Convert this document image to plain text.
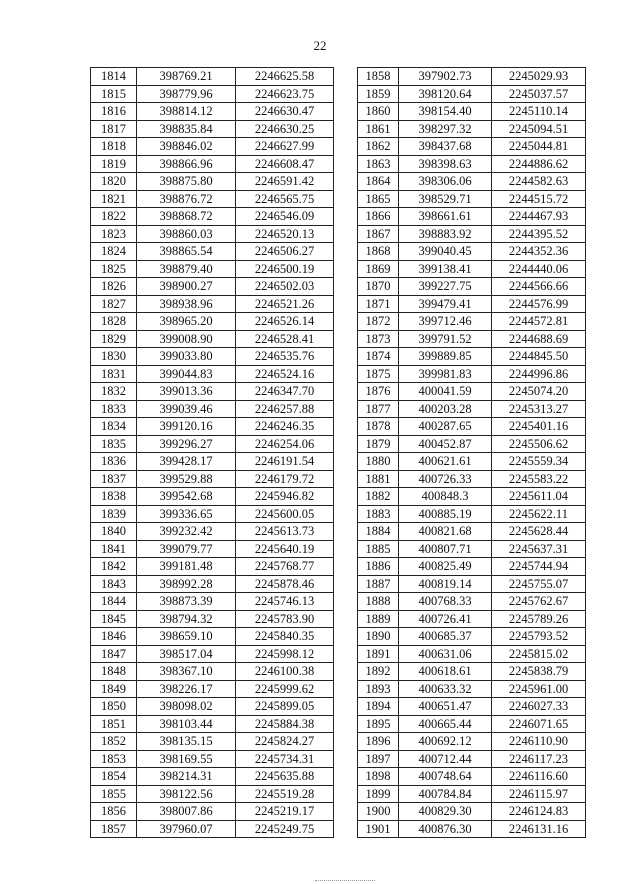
22
1814	398769.21	2246625.58
1815	398779.96	2246623.75
1816	398814.12	2246630.47
1817	398835.84	2246630.25
1818	398846.02	2246627.99
1819	398866.96	2246608.47
1820	398875.80	2246591.42
1821	398876.72	2246565.75
1822	398868.72	2246546.09
1823	398860.03	2246520.13
1824	398865.54	2246506.27
1825	398879.40	2246500.19
1826	398900.27	2246502.03
1827	398938.96	2246521.26
1828	398965.20	2246526.14
1829	399008.90	2246528.41
1830	399033.80	2246535.76
1831	399044.83	2246524.16
1832	399013.36	2246347.70
1833	399039.46	2246257.88
1834	399120.16	2246246.35
1835	399296.27	2246254.06
1836	399428.17	2246191.54
1837	399529.88	2246179.72
1838	399542.68	2245946.82
1839	399336.65	2245600.05
1840	399232.42	2245613.73
1841	399079.77	2245640.19
1842	399181.48	2245768.77
1843	398992.28	2245878.46
1844	398873.39	2245746.13
1845	398794.32	2245783.90
1846	398659.10	2245840.35
1847	398517.04	2245998.12
1848	398367.10	2246100.38
1849	398226.17	2245999.62
1850	398098.02	2245899.05
1851	398103.44	2245884.38
1852	398135.15	2245824.27
1853	398169.55	2245734.31
1854	398214.31	2245635.88
1855	398122.56	2245519.28
1856	398007.86	2245219.17
1857	397960.07	2245249.75
1858	397902.73	2245029.93
1859	398120.64	2245037.57
1860	398154.40	2245110.14
1861	398297.32	2245094.51
1862	398437.68	2245044.81
1863	398398.63	2244886.62
1864	398306.06	2244582.63
1865	398529.71	2244515.72
1866	398661.61	2244467.93
1867	398883.92	2244395.52
1868	399040.45	2244352.36
1869	399138.41	2244440.06
1870	399227.75	2244566.66
1871	399479.41	2244576.99
1872	399712.46	2244572.81
1873	399791.52	2244688.69
1874	399889.85	2244845.50
1875	399981.83	2244996.86
1876	400041.59	2245074.20
1877	400203.28	2245313.27
1878	400287.65	2245401.16
1879	400452.87	2245506.62
1880	400621.61	2245559.34
1881	400726.33	2245583.22
1882	400848.3	2245611.04
1883	400885.19	2245622.11
1884	400821.68	2245628.44
1885	400807.71	2245637.31
1886	400825.49	2245744.94
1887	400819.14	2245755.07
1888	400768.33	2245762.67
1889	400726.41	2245789.26
1890	400685.37	2245793.52
1891	400631.06	2245815.02
1892	400618.61	2245838.79
1893	400633.32	2245961.00
1894	400651.47	2246027.33
1895	400665.44	2246071.65
1896	400692.12	2246110.90
1897	400712.44	2246117.23
1898	400748.64	2246116.60
1899	400784.84	2246115.97
1900	400829.30	2246124.83
1901	400876.30	2246131.16
